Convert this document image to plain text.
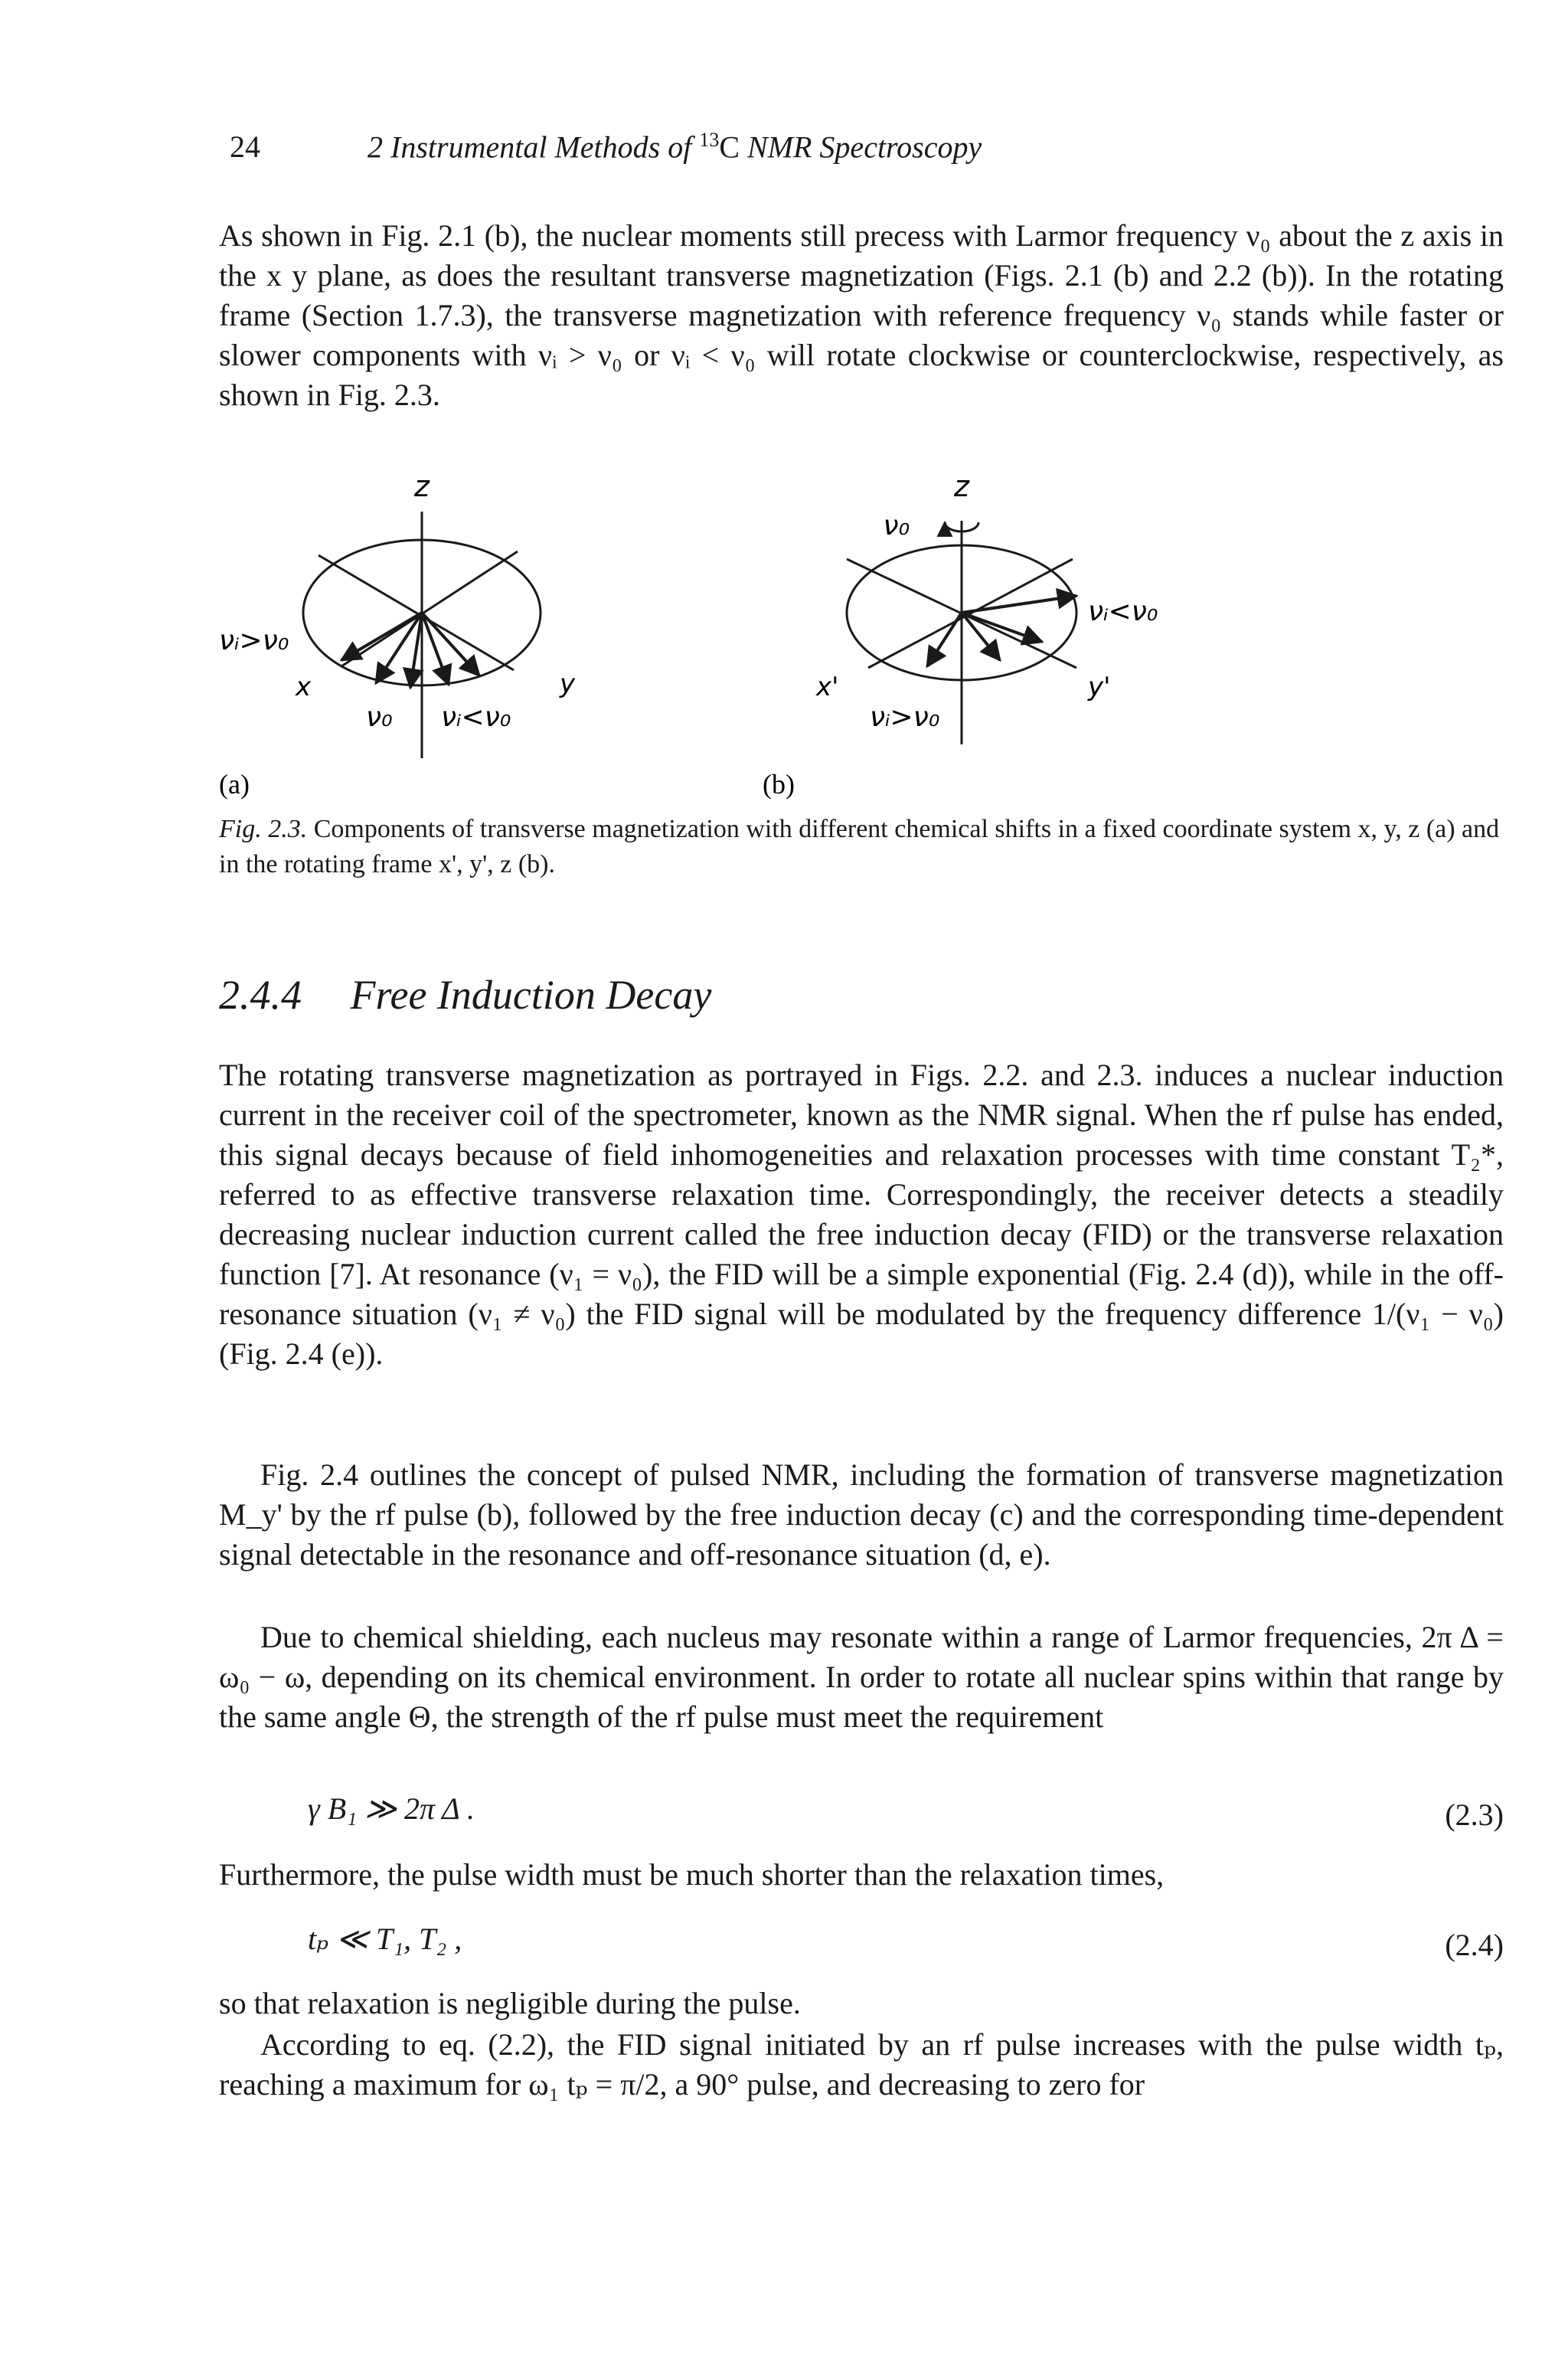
24	2 Instrumental Methods of $^{13}$C NMR Spectroscopy

As shown in Fig. 2.1 (b), the nuclear moments still precess with Larmor frequency ν₀ about the z axis in the x y plane, as does the resultant transverse magnetization (Figs. 2.1 (b) and 2.2 (b)). In the rotating frame (Section 1.7.3), the transverse magnetization with reference frequency ν₀ stands while faster or slower components with νᵢ > ν₀ or νᵢ < ν₀ will rotate clockwise or counterclockwise, respectively, as shown in Fig. 2.3.

z
x	y
νᵢ>ν₀
ν₀ νᵢ<ν₀
(a)
z
ν₀
νᵢ<ν₀
x'	y'
νᵢ>ν₀
(b)
Fig. 2.3. Components of transverse magnetization with different chemical shifts in a fixed coordinate system x, y, z (a) and in the rotating frame x', y', z (b).
2.4.4 Free Induction Decay

The rotating transverse magnetization as portrayed in Figs. 2.2. and 2.3. induces a nuclear induction current in the receiver coil of the spectrometer, known as the NMR signal. When the rf pulse has ended, this signal decays because of field inhomogeneities and relaxation processes with time constant T₂*, referred to as effective transverse relaxation time. Correspondingly, the receiver detects a steadily decreasing nuclear induction current called the free induction decay (FID) or the transverse relaxation function [7]. At resonance (ν₁ = ν₀), the FID will be a simple exponential (Fig. 2.4 (d)), while in the off-resonance situation (ν₁ ≠ ν₀) the FID signal will be modulated by the frequency difference 1/(ν₁ − ν₀) (Fig. 2.4 (e)).

Fig. 2.4 outlines the concept of pulsed NMR, including the formation of transverse magnetization M_y' by the rf pulse (b), followed by the free induction decay (c) and the corresponding time-dependent signal detectable in the resonance and off-resonance situation (d, e).

Due to chemical shielding, each nucleus may resonate within a range of Larmor frequencies, 2π Δ = ω₀ − ω, depending on its chemical environment. In order to rotate all nuclear spins within that range by the same angle Θ, the strength of the rf pulse must meet the requirement

γ B₁ ≫ 2π Δ .	(2.3)

Furthermore, the pulse width must be much shorter than the relaxation times,

tₚ ≪ T₁, T₂ ,	(2.4)

so that relaxation is negligible during the pulse.

According to eq. (2.2), the FID signal initiated by an rf pulse increases with the pulse width tₚ, reaching a maximum for ω₁ tₚ = π/2, a 90° pulse, and decreasing to zero for
